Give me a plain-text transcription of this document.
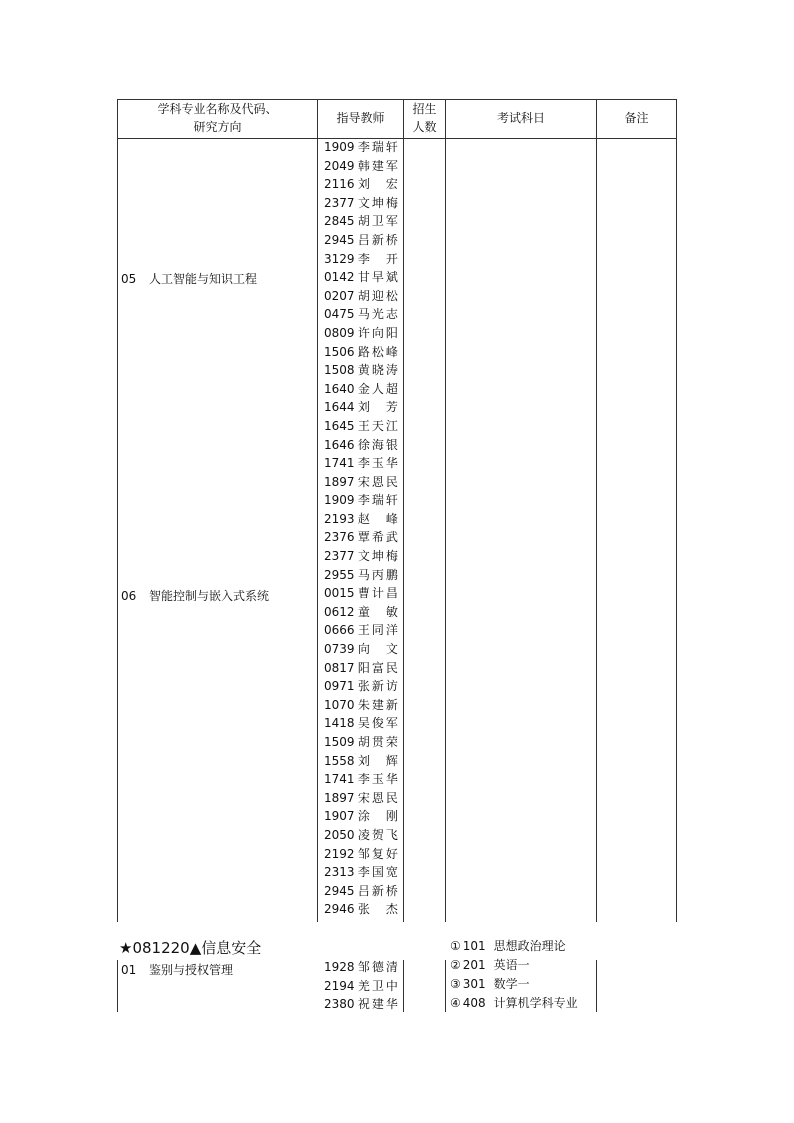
学科专业名称及代码、
研究方向
指导教师
招生
人数
考试科日	备注
05 人工智能与知识工程
06 智能控制与嵌入式系统
1909 李瑞轩
2049 韩建军
2116 刘宏
2377 文坤梅
2845 胡卫军
2945 吕新桥
3129 李开
0142 甘早斌
0207 胡迎松
0475 马光志
0809 许向阳
1506 路松峰
1508 黄晓涛
1640 金人超
1644 刘芳
1645 王天江
1646 徐海银
1741 李玉华
1897 宋恩民
1909 李瑞轩
2193 赵峰
2376 覃希武
2377 文坤梅
2955 马丙鹏
0015 曹计昌
0612 童敏
0666 王同洋
0739 向文
0817 阳富民
0971 张新访
1070 朱建新
1418 吴俊军
1509 胡贯荣
1558 刘辉
1741 李玉华
1897 宋恩民
1907 涂刚
2050 凌贺飞
2192 邹复好
2313 李国宽
2945 吕新桥
2946 张杰
★081220▲信息安全
01 鉴别与授权管理	1928 邹德清
2194 羌卫中
2380 祝建华
① 101 思想政治理论
② 201 英语一
③ 301 数学一
④ 408 计算机学科专业
